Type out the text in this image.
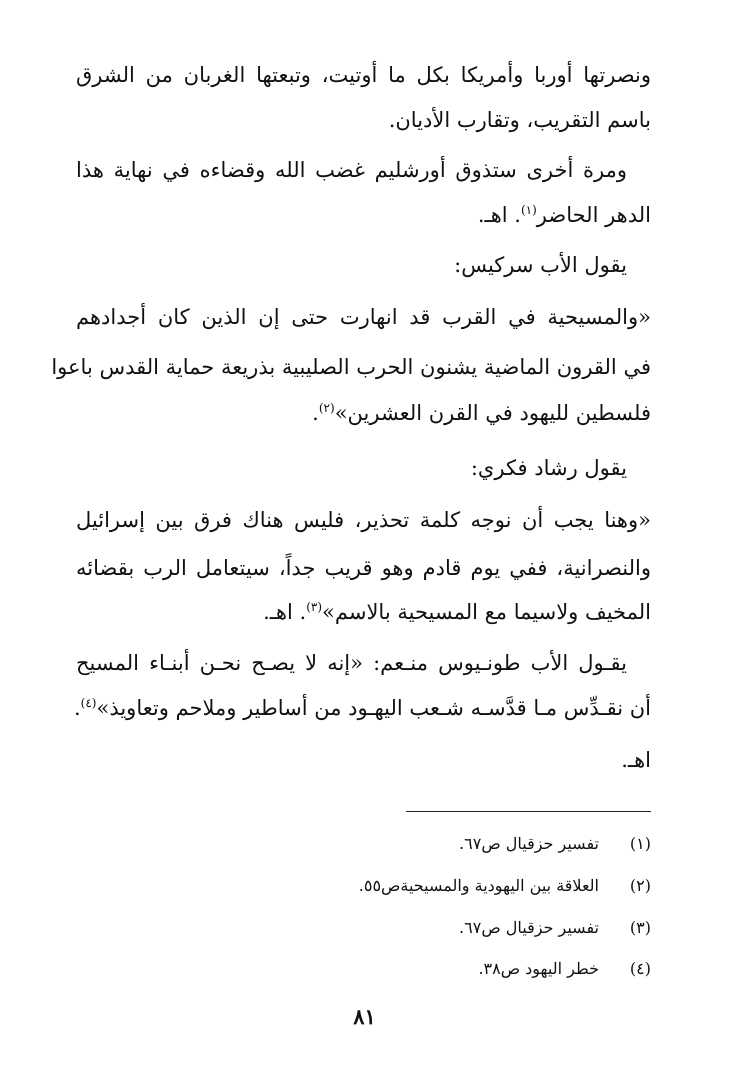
ونصرتها أوربا وأمريكا بكل ما أوتيت، وتبعتها الغربان من الشرق
باسم التقريب، وتقارب الأديان.
ومرة أخرى ستذوق أورشليم غضب الله وقضاءه في نهاية هذا
الدهر الحاضر$^{(١)}$. اهـ.
يقول الأب سركيس:
«والمسيحية في القرب قد انهارت حتى إن الذين كان أجدادهم
في القرون الماضية يشنون الحرب الصليبية بذريعة حماية القدس باعوا
فلسطين لليهود في القرن العشرين»$^{(٢)}$.
يقول رشاد فكري:
«وهنا يجب أن نوجه كلمة تحذير، فليس هناك فرق بين إسرائيل
والنصرانية، ففي يوم قادم وهو قريب جداً، سيتعامل الرب بقضائه
المخيف ولاسيما مع المسيحية بالاسم»$^{(٣)}$. اهـ.
يقـول الأب طونـيوس منـعم: «إنه لا يصـح نحـن أبنـاء المسيح
أن نقـدِّس مـا قدَّسـه شـعب اليهـود من أساطير وملاحم وتعاويذ»$^{(٤)}$.
اهـ.
(١)تفسير حزقيال ص٦٧.
(٢)العلاقة بين اليهودية والمسيحيةص٥٥.
(٣)تفسير حزقيال ص٦٧.
(٤)خطر اليهود ص٣٨.
٨١
